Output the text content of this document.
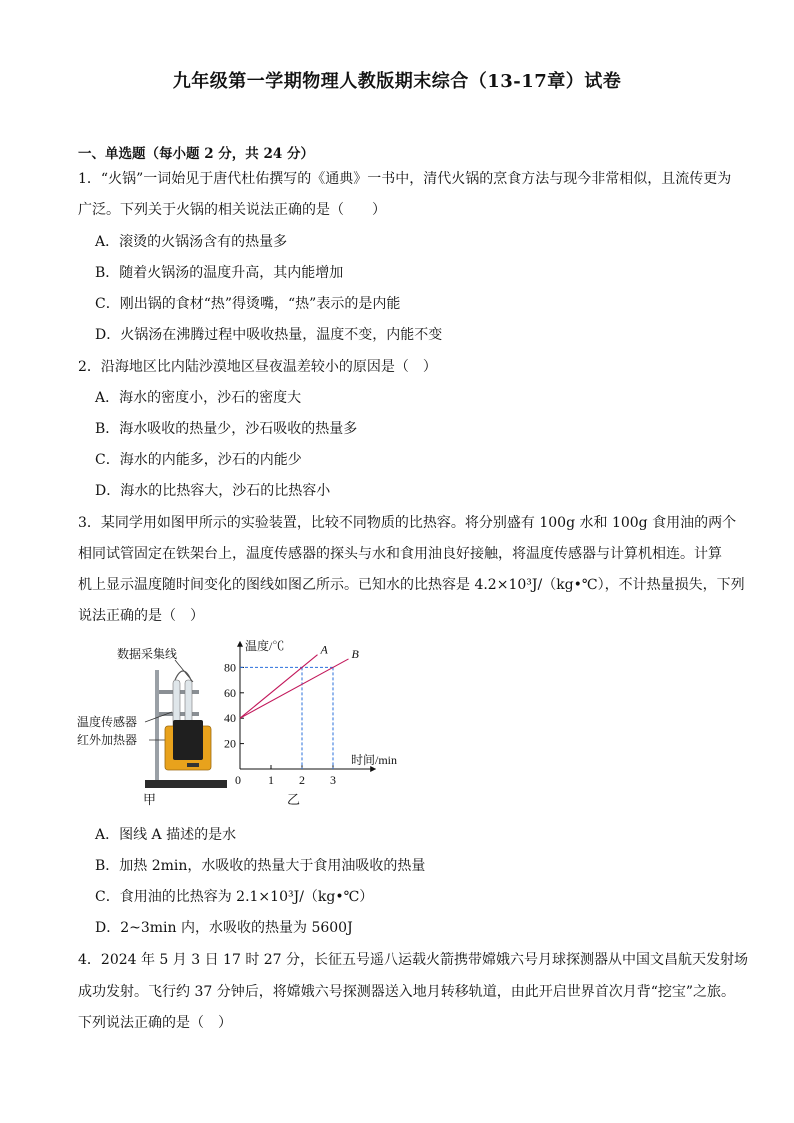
九年级第一学期物理人教版期末综合（13-17章）试卷
一、单选题（每小题 2 分，共 24 分）
1．“火锅”一词始见于唐代杜佑撰写的《通典》一书中，清代火锅的烹食方法与现今非常相似，且流传更为
广泛。下列关于火锅的相关说法正确的是（　　）
A．滚烫的火锅汤含有的热量多
B．随着火锅汤的温度升高，其内能增加
C．刚出锅的食材“热”得烫嘴，“热”表示的是内能
D．火锅汤在沸腾过程中吸收热量，温度不变，内能不变
2．沿海地区比内陆沙漠地区昼夜温差较小的原因是（　）
A．海水的密度小，沙石的密度大
B．海水吸收的热量少，沙石吸收的热量多
C．海水的内能多，沙石的内能少
D．海水的比热容大，沙石的比热容小
3．某同学用如图甲所示的实验装置，比较不同物质的比热容。将分别盛有 100g 水和 100g 食用油的两个
相同试管固定在铁架台上，温度传感器的探头与水和食用油良好接触，将温度传感器与计算机相连。计算
机上显示温度随时间变化的图线如图乙所示。已知水的比热容是 4.2×10³J/（kg•℃），不计热量损失，下列
说法正确的是（　）
数据采集线
温度传感器
红外加热器
甲
温度/℃
时间/min
20
40
60
80
0 1 2 3
A B
乙
A．图线 A 描述的是水
B．加热 2min，水吸收的热量大于食用油吸收的热量
C．食用油的比热容为 2.1×10³J/（kg•℃）
D．2~3min 内，水吸收的热量为 5600J
4．2024 年 5 月 3 日 17 时 27 分，长征五号遥八运载火箭携带嫦娥六号月球探测器从中国文昌航天发射场
成功发射。飞行约 37 分钟后，将嫦娥六号探测器送入地月转移轨道，由此开启世界首次月背“挖宝”之旅。
下列说法正确的是（　）
